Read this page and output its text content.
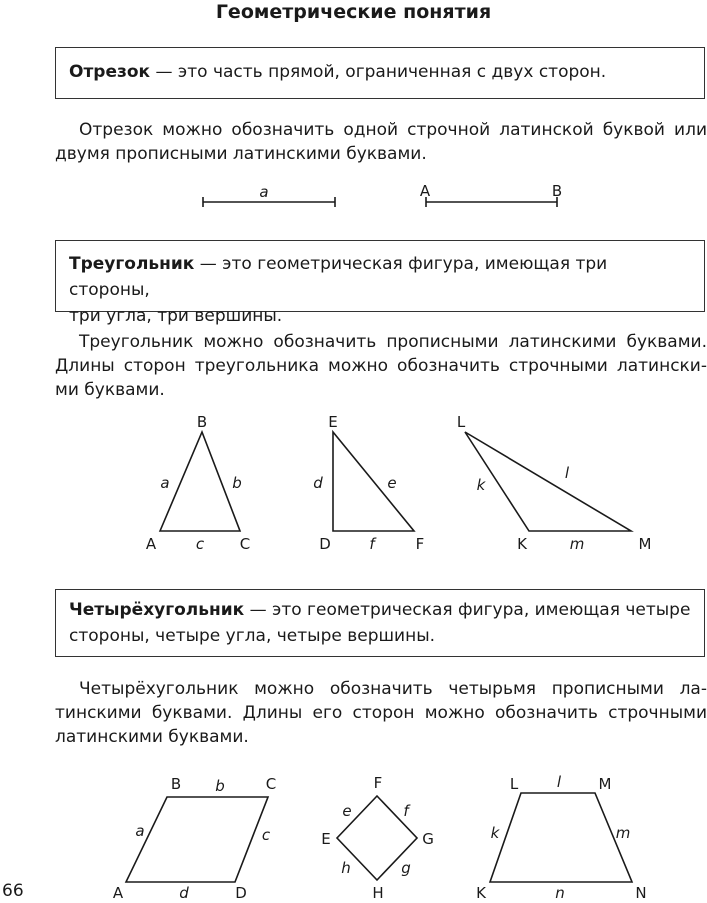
Геометрические понятия
Отрезок — это часть прямой, ограниченная с двух сторон.
Отрезок можно обозначить одной строчной латинской буквой или
двумя прописными латинскими буквами.
a	A	B
Треугольник — это геометрическая фигура, имеющая три стороны,
три угла, три вершины.
Треугольник можно обозначить прописными латинскими буквами.
Длины сторон треугольника можно обозначить строчными латински-
ми буквами.
B
A	C
a	b
c
E
D	F
d	e
f
L
K	M
k
l
m
Четырёхугольник — это геометрическая фигура, имеющая четыре
стороны, четыре угла, четыре вершины.
Четырёхугольник можно обозначить четырьмя прописными ла-
тинскими буквами. Длины его сторон можно обозначить строчными
латинскими буквами.
B	C
A	D
a
b
c
d
F
G
H
E
e	f
g
h
L	M
K	N
k
l
m
n
66
